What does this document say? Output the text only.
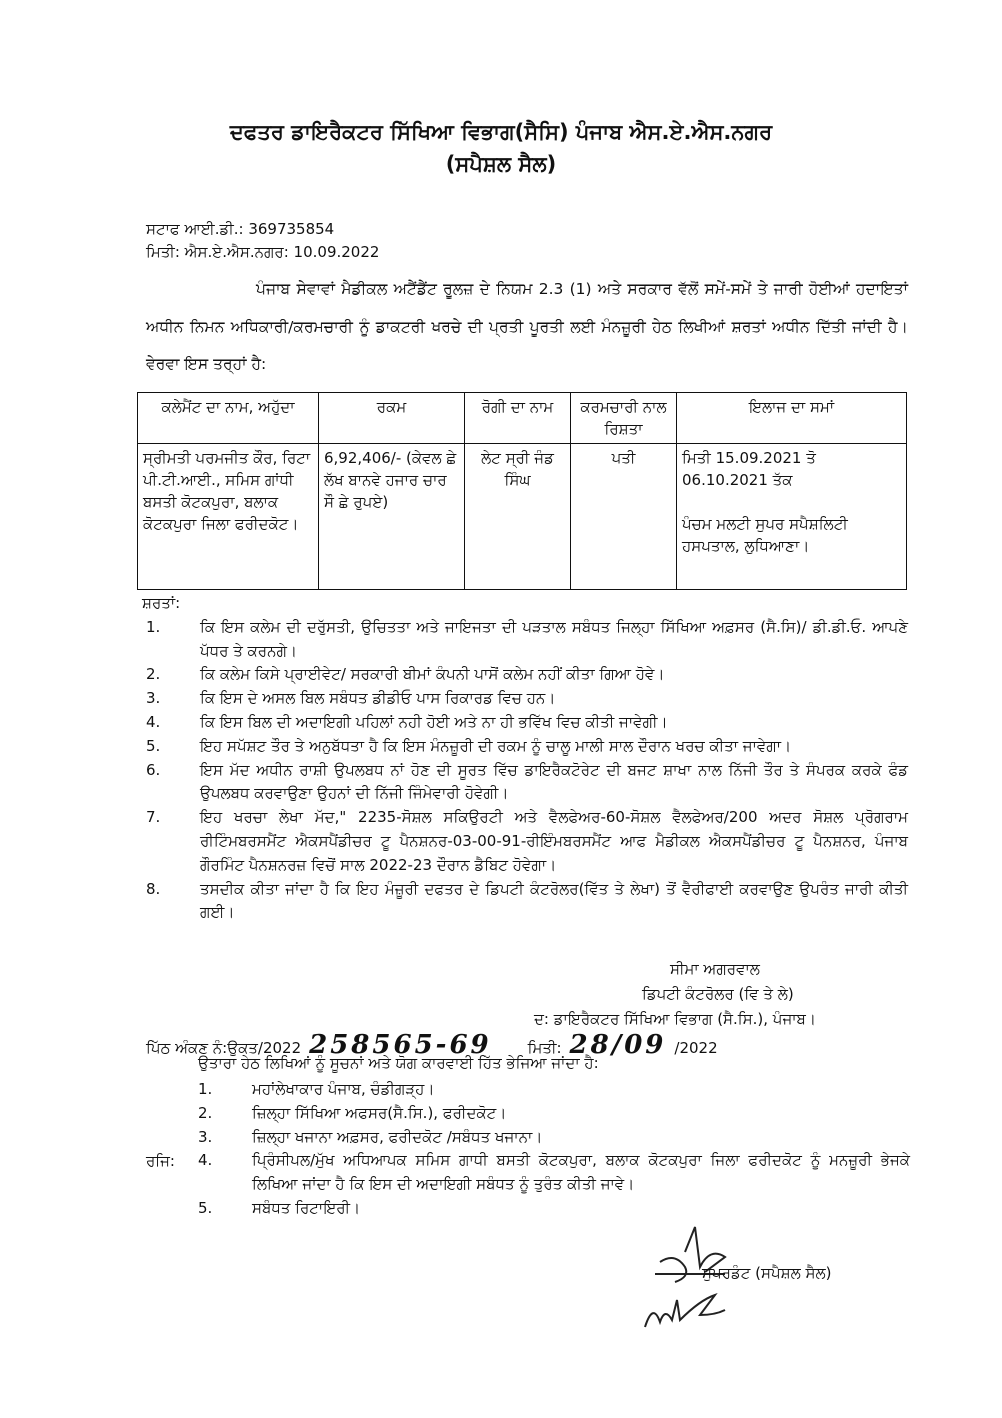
ਦਫਤਰ ਡਾਇਰੈਕਟਰ ਸਿੱਖਿਆ ਵਿਭਾਗ(ਸੈਸਿ) ਪੰਜਾਬ ਐਸ.ਏ.ਐਸ.ਨਗਰ
(ਸਪੈਸ਼ਲ ਸੈਲ)
ਸਟਾਫ ਆਈ.ਡੀ.: 369735854
ਮਿਤੀ: ਐਸ.ਏ.ਐਸ.ਨਗਰ: 10.09.2022
ਪੰਜਾਬ ਸੇਵਾਵਾਂ ਮੈਡੀਕਲ ਅਟੈਂਡੈਂਟ ਰੂਲਜ਼ ਦੇ ਨਿਯਮ 2.3 (1) ਅਤੇ ਸਰਕਾਰ ਵੱਲੋਂ ਸਮੇਂ-ਸਮੇਂ ਤੇ ਜਾਰੀ ਹੋਈਆਂ ਹਦਾਇਤਾਂ ਅਧੀਨ ਨਿਮਨ ਅਧਿਕਾਰੀ/ਕਰਮਚਾਰੀ ਨੂੰ ਡਾਕਟਰੀ ਖਰਚੇ ਦੀ ਪ੍ਰਤੀ ਪੂਰਤੀ ਲਈ ਮੰਨਜ਼ੂਰੀ ਹੇਠ ਲਿਖੀਆਂ ਸ਼ਰਤਾਂ ਅਧੀਨ ਦਿੱਤੀ ਜਾਂਦੀ ਹੈ। ਵੇਰਵਾ ਇਸ ਤਰ੍ਹਾਂ ਹੈ:
ਕਲੇਮੈਂਟ ਦਾ ਨਾਮ, ਅਹੁੱਦਾ	ਰਕਮ	ਰੋਗੀ ਦਾ ਨਾਮ	ਕਰਮਚਾਰੀ ਨਾਲ ਰਿਸ਼ਤਾ	ਇਲਾਜ ਦਾ ਸਮਾਂ
ਸ੍ਰੀਮਤੀ ਪਰਮਜੀਤ ਕੌਰ, ਰਿਟਾ ਪੀ.ਟੀ.ਆਈ., ਸਮਿਸ ਗਾਂਧੀ ਬਸਤੀ ਕੋਟਕਪੁਰਾ, ਬਲਾਕ ਕੋਟਕਪੁਰਾ ਜਿਲਾ ਫਰੀਦਕੋਟ।	6,92,406/- (ਕੇਵਲ ਛੇ ਲੱਖ ਬਾਨਵੇ ਹਜਾਰ ਚਾਰ ਸੌ ਛੇ ਰੁਪਏ)	ਲੇਟ ਸ੍ਰੀ ਜੰਡ ਸਿੰਘ	ਪਤੀ	ਮਿਤੀ 15.09.2021 ਤੋ 06.10.2021 ਤੱਕ
ਪੰਚਮ ਮਲਟੀ ਸੁਪਰ ਸਪੈਸ਼ਲਿਟੀ ਹਸਪਤਾਲ, ਲੁਧਿਆਣਾ।
ਸ਼ਰਤਾਂ:
1.	ਕਿ ਇਸ ਕਲੇਮ ਦੀ ਦਰੁੱਸਤੀ, ਉਚਿਤਤਾ ਅਤੇ ਜਾਇਜਤਾ ਦੀ ਪੜਤਾਲ ਸਬੰਧਤ ਜਿਲ੍ਹਾ ਸਿੱਖਿਆ ਅਫ਼ਸਰ (ਸੈ.ਸਿ)/ ਡੀ.ਡੀ.ਓ. ਆਪਣੇ ਪੱਧਰ ਤੇ ਕਰਨਗੇ।
2.	ਕਿ ਕਲੇਮ ਕਿਸੇ ਪ੍ਰਾਈਵੇਟ/ ਸਰਕਾਰੀ ਬੀਮਾਂ ਕੰਪਨੀ ਪਾਸੋਂ ਕਲੇਮ ਨਹੀਂ ਕੀਤਾ ਗਿਆ ਹੋਵੇ।
3.	ਕਿ ਇਸ ਦੇ ਅਸਲ ਬਿਲ ਸਬੰਧਤ ਡੀਡੀਓ ਪਾਸ ਰਿਕਾਰਡ ਵਿਚ ਹਨ।
4.	ਕਿ ਇਸ ਬਿਲ ਦੀ ਅਦਾਇਗੀ ਪਹਿਲਾਂ ਨਹੀ ਹੋਈ ਅਤੇ ਨਾ ਹੀ ਭਵਿੱਖ ਵਿਚ ਕੀਤੀ ਜਾਵੇਗੀ।
5.	ਇਹ ਸਪੱਸ਼ਟ ਤੌਰ ਤੇ ਅਨੁਬੱਧਤਾ ਹੈ ਕਿ ਇਸ ਮੰਨਜ਼ੂਰੀ ਦੀ ਰਕਮ ਨੂੰ ਚਾਲੂ ਮਾਲੀ ਸਾਲ ਦੌਰਾਨ ਖਰਚ ਕੀਤਾ ਜਾਵੇਗਾ।
6.	ਇਸ ਮੱਦ ਅਧੀਨ ਰਾਸ਼ੀ ਉਪਲਬਧ ਨਾਂ ਹੋਣ ਦੀ ਸੂਰਤ ਵਿੱਚ ਡਾਇਰੈਕਟੋਰੇਟ ਦੀ ਬਜਟ ਸ਼ਾਖਾ ਨਾਲ ਨਿੱਜੀ ਤੌਰ ਤੇ ਸੰਪਰਕ ਕਰਕੇ ਫੰਡ ਉਪਲਬਧ ਕਰਵਾਉਣਾ ਉਹਨਾਂ ਦੀ ਨਿੱਜੀ ਜਿੰਮੇਵਾਰੀ ਹੋਵੇਗੀ।
7.	ਇਹ ਖਰਚਾ ਲੇਖਾ ਮੱਦ," 2235-ਸੋਸ਼ਲ ਸਕਿਉਰਟੀ ਅਤੇ ਵੈਲਫੇਅਰ-60-ਸੋਸ਼ਲ ਵੈਲਫੇਅਰ/200 ਅਦਰ ਸੋਸ਼ਲ ਪ੍ਰੋਗਰਾਮ ਰੀਟਿੰਮਬਰਸਮੈਂਟ ਐਕਸਪੈਂਡੀਚਰ ਟੂ ਪੈਨਸ਼ਨਰ-03-00-91-ਰੀਇੰਮਬਰਸਮੈਂਟ ਆਫ ਮੈਡੀਕਲ ਐਕਸਪੈਂਡੀਚਰ ਟੂ ਪੈਨਸ਼ਨਰ, ਪੰਜਾਬ ਗੌਰਮਿੰਟ ਪੈਨਸ਼ਨਰਜ਼ ਵਿਚੋਂ ਸਾਲ 2022-23 ਦੌਰਾਨ ਡੈਬਿਟ ਹੋਵੇਗਾ।
8.	ਤਸਦੀਕ ਕੀਤਾ ਜਾਂਦਾ ਹੈ ਕਿ ਇਹ ਮੰਜ਼ੂਰੀ ਦਫਤਰ ਦੇ ਡਿਪਟੀ ਕੰਟਰੋਲਰ(ਵਿੱਤ ਤੇ ਲੇਖਾ) ਤੋਂ ਵੈਰੀਫਾਈ ਕਰਵਾਉਣ ਉਪਰੰਤ ਜਾਰੀ ਕੀਤੀ ਗਈ।
ਸੀਮਾ ਅਗਰਵਾਲ
ਡਿਪਟੀ ਕੰਟਰੋਲਰ (ਵਿ ਤੇ ਲੇ)
ਦ: ਡਾਇਰੈਕਟਰ ਸਿੱਖਿਆ ਵਿਭਾਗ (ਸੈ.ਸਿ.), ਪੰਜਾਬ।
ਪਿੱਠ ਅੰਕਣ ਨੰ:ਉਕਤ/2022 258565-69 ਮਿਤੀ: 28/09 /2022
ਉਤਾਰਾ ਹੇਠ ਲਿਖਿਆਂ ਨੂੰ ਸੂਚਨਾਂ ਅਤੇ ਯੋਗ ਕਾਰਵਾਈ ਹਿੱਤ ਭੇਜਿਆ ਜਾਂਦਾ ਹੈ:
ਰਜਿ:
1.	ਮਹਾਂਲੇਖਾਕਾਰ ਪੰਜਾਬ, ਚੰਡੀਗੜ੍ਹ।
2.	ਜ਼ਿਲ੍ਹਾ ਸਿੱਖਿਆ ਅਫਸਰ(ਸੈ.ਸਿ.), ਫਰੀਦਕੋਟ।
3.	ਜ਼ਿਲ੍ਹਾ ਖਜਾਨਾ ਅਫ਼ਸਰ, ਫਰੀਦਕੋਟ /ਸਬੰਧਤ ਖਜਾਨਾ।
4.	ਪ੍ਰਿੰਸੀਪਲ/ਮੁੱਖ ਅਧਿਆਪਕ ਸਮਿਸ ਗਾਧੀ ਬਸਤੀ ਕੋਟਕਪੁਰਾ, ਬਲਾਕ ਕੋਟਕਪੁਰਾ ਜਿਲਾ ਫਰੀਦਕੋਟ ਨੂੰ ਮਨਜ਼ੂਰੀ ਭੇਜਕੇ ਲਿਖਿਆ ਜਾਂਦਾ ਹੈ ਕਿ ਇਸ ਦੀ ਅਦਾਇਗੀ ਸਬੰਧਤ ਨੂੰ ਤੁਰੰਤ ਕੀਤੀ ਜਾਵੇ।
5.	ਸਬੰਧਤ ਰਿਟਾਇਰੀ।
ਸੁਪਰਡੰਟ (ਸਪੈਸ਼ਲ ਸੈਲ)
